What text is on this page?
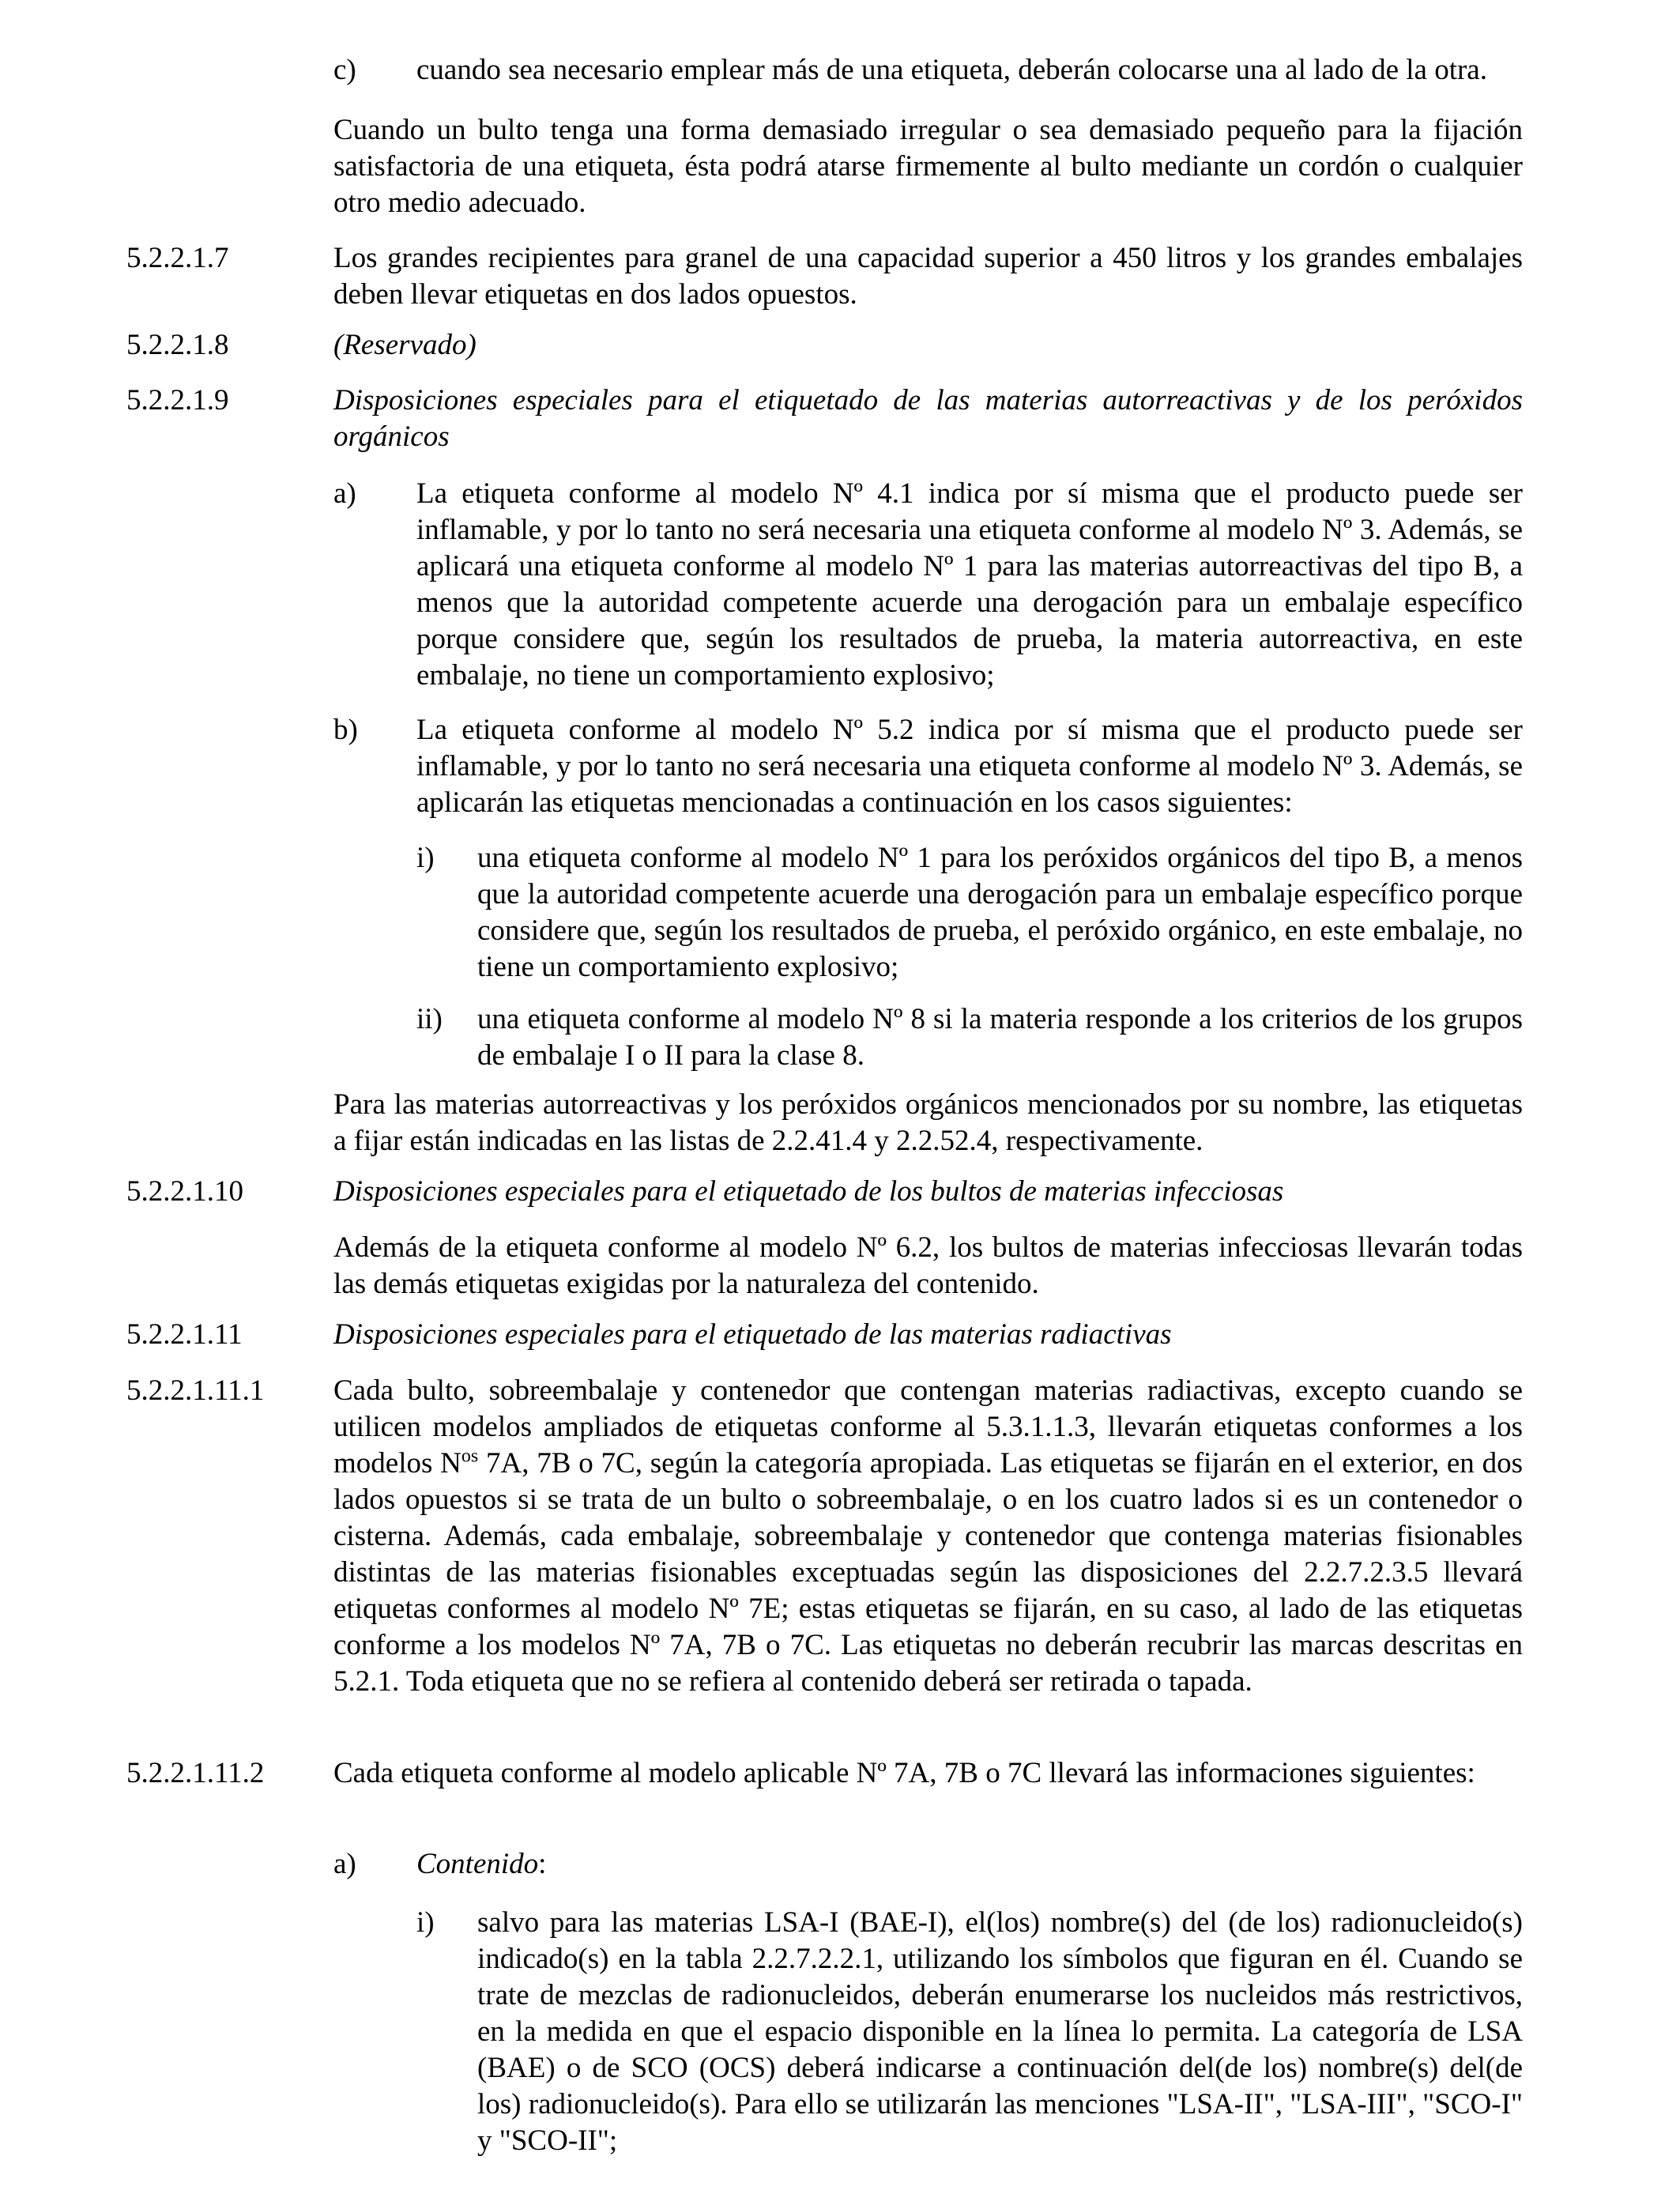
c) cuando sea necesario emplear más de una etiqueta, deberán colocarse una al lado de la otra.
Cuando un bulto tenga una forma demasiado irregular o sea demasiado pequeño para la fijación satisfactoria de una etiqueta, ésta podrá atarse firmemente al bulto mediante un cordón o cualquier otro medio adecuado.
5.2.2.1.7	Los grandes recipientes para granel de una capacidad superior a 450 litros y los grandes embalajes deben llevar etiquetas en dos lados opuestos.
5.2.2.1.8	(Reservado)
5.2.2.1.9	Disposiciones especiales para el etiquetado de las materias autorreactivas y de los peróxidos orgánicos
a) La etiqueta conforme al modelo Nº 4.1 indica por sí misma que el producto puede ser inflamable, y por lo tanto no será necesaria una etiqueta conforme al modelo Nº 3. Además, se aplicará una etiqueta conforme al modelo Nº 1 para las materias autorreactivas del tipo B, a menos que la autoridad competente acuerde una derogación para un embalaje específico porque considere que, según los resultados de prueba, la materia autorreactiva, en este embalaje, no tiene un comportamiento explosivo;
b) La etiqueta conforme al modelo Nº 5.2 indica por sí misma que el producto puede ser inflamable, y por lo tanto no será necesaria una etiqueta conforme al modelo Nº 3. Además, se aplicarán las etiquetas mencionadas a continuación en los casos siguientes:
i) una etiqueta conforme al modelo Nº 1 para los peróxidos orgánicos del tipo B, a menos que la autoridad competente acuerde una derogación para un embalaje específico porque considere que, según los resultados de prueba, el peróxido orgánico, en este embalaje, no tiene un comportamiento explosivo;
ii) una etiqueta conforme al modelo Nº 8 si la materia responde a los criterios de los grupos de embalaje I o II para la clase 8.
Para las materias autorreactivas y los peróxidos orgánicos mencionados por su nombre, las etiquetas a fijar están indicadas en las listas de 2.2.41.4 y 2.2.52.4, respectivamente.
5.2.2.1.10	Disposiciones especiales para el etiquetado de los bultos de materias infecciosas
Además de la etiqueta conforme al modelo Nº 6.2, los bultos de materias infecciosas llevarán todas las demás etiquetas exigidas por la naturaleza del contenido.
5.2.2.1.11	Disposiciones especiales para el etiquetado de las materias radiactivas
5.2.2.1.11.1 Cada bulto, sobreembalaje y contenedor que contengan materias radiactivas, excepto cuando se utilicen modelos ampliados de etiquetas conforme al 5.3.1.1.3, llevarán etiquetas conformes a los modelos $N^{os}$ 7A, 7B o 7C, según la categoría apropiada. Las etiquetas se fijarán en el exterior, en dos lados opuestos si se trata de un bulto o sobreembalaje, o en los cuatro lados si es un contenedor o cisterna. Además, cada embalaje, sobreembalaje y contenedor que contenga materias fisionables distintas de las materias fisionables exceptuadas según las disposiciones del 2.2.7.2.3.5 llevará etiquetas conformes al modelo Nº 7E; estas etiquetas se fijarán, en su caso, al lado de las etiquetas conforme a los modelos Nº 7A, 7B o 7C. Las etiquetas no deberán recubrir las marcas descritas en 5.2.1. Toda etiqueta que no se refiera al contenido deberá ser retirada o tapada.
5.2.2.1.11.2 Cada etiqueta conforme al modelo aplicable Nº 7A, 7B o 7C llevará las informaciones siguientes:
a) Contenido:
i) salvo para las materias LSA-I (BAE-I), el(los) nombre(s) del (de los) radionucleido(s) indicado(s) en la tabla 2.2.7.2.2.1, utilizando los símbolos que figuran en él. Cuando se trate de mezclas de radionucleidos, deberán enumerarse los nucleidos más restrictivos, en la medida en que el espacio disponible en la línea lo permita. La categoría de LSA (BAE) o de SCO (OCS) deberá indicarse a continuación del(de los) nombre(s) del(de los) radionucleido(s). Para ello se utilizarán las menciones "LSA-II", "LSA-III", "SCO-I" y "SCO-II";
